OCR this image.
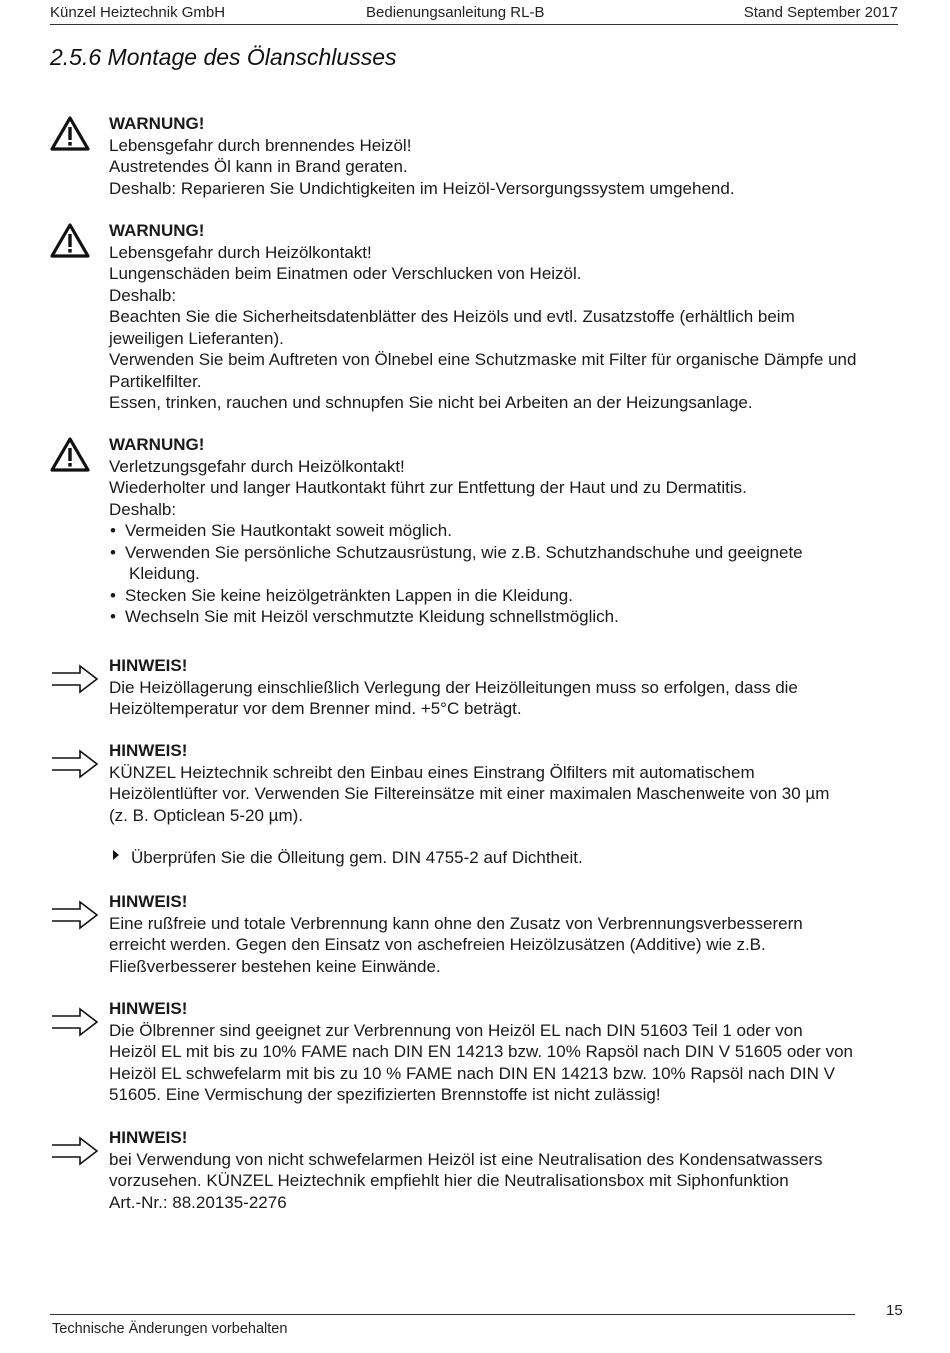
Künzel Heiztechnik GmbH	Bedienungsanleitung RL-B	Stand September 2017
2.5.6 Montage des Ölanschlusses
WARNUNG!
Lebensgefahr durch brennendes Heizöl!
Austretendes Öl kann in Brand geraten.
Deshalb: Reparieren Sie Undichtigkeiten im Heizöl-Versorgungssystem umgehend.
WARNUNG!
Lebensgefahr durch Heizölkontakt!
Lungenschäden beim Einatmen oder Verschlucken von Heizöl.
Deshalb:
Beachten Sie die Sicherheitsdatenblätter des Heizöls und evtl. Zusatzstoffe (erhältlich beim
jeweiligen Lieferanten).
Verwenden Sie beim Auftreten von Ölnebel eine Schutzmaske mit Filter für organische Dämpfe und
Partikelfilter.
Essen, trinken, rauchen und schnupfen Sie nicht bei Arbeiten an der Heizungsanlage.
WARNUNG!
Verletzungsgefahr durch Heizölkontakt!
Wiederholter und langer Hautkontakt führt zur Entfettung der Haut und zu Dermatitis.
Deshalb:
• Vermeiden Sie Hautkontakt soweit möglich.
• Verwenden Sie persönliche Schutzausrüstung, wie z.B. Schutzhandschuhe und geeignete
Kleidung.
• Stecken Sie keine heizölgetränkten Lappen in die Kleidung.
• Wechseln Sie mit Heizöl verschmutzte Kleidung schnellstmöglich.
HINWEIS!
Die Heizöllagerung einschließlich Verlegung der Heizölleitungen muss so erfolgen, dass die
Heizöltemperatur vor dem Brenner mind. +5°C beträgt.
HINWEIS!
KÜNZEL Heiztechnik schreibt den Einbau eines Einstrang Ölfilters mit automatischem
Heizölentlüfter vor. Verwenden Sie Filtereinsätze mit einer maximalen Maschenweite von 30 µm
(z. B. Opticlean 5-20 µm).
Überprüfen Sie die Ölleitung gem. DIN 4755-2 auf Dichtheit.
HINWEIS!
Eine rußfreie und totale Verbrennung kann ohne den Zusatz von Verbrennungsverbesserern
erreicht werden. Gegen den Einsatz von aschefreien Heizölzusätzen (Additive) wie z.B.
Fließverbesserer bestehen keine Einwände.
HINWEIS!
Die Ölbrenner sind geeignet zur Verbrennung von Heizöl EL nach DIN 51603 Teil 1 oder von
Heizöl EL mit bis zu 10% FAME nach DIN EN 14213 bzw. 10% Rapsöl nach DIN V 51605 oder von
Heizöl EL schwefelarm mit bis zu 10 % FAME nach DIN EN 14213 bzw. 10% Rapsöl nach DIN V
51605. Eine Vermischung der spezifizierten Brennstoffe ist nicht zulässig!
HINWEIS!
bei Verwendung von nicht schwefelarmen Heizöl ist eine Neutralisation des Kondensatwassers
vorzusehen. KÜNZEL Heiztechnik empfiehlt hier die Neutralisationsbox mit Siphonfunktion
Art.-Nr.: 88.20135-2276
15
Technische Änderungen vorbehalten
